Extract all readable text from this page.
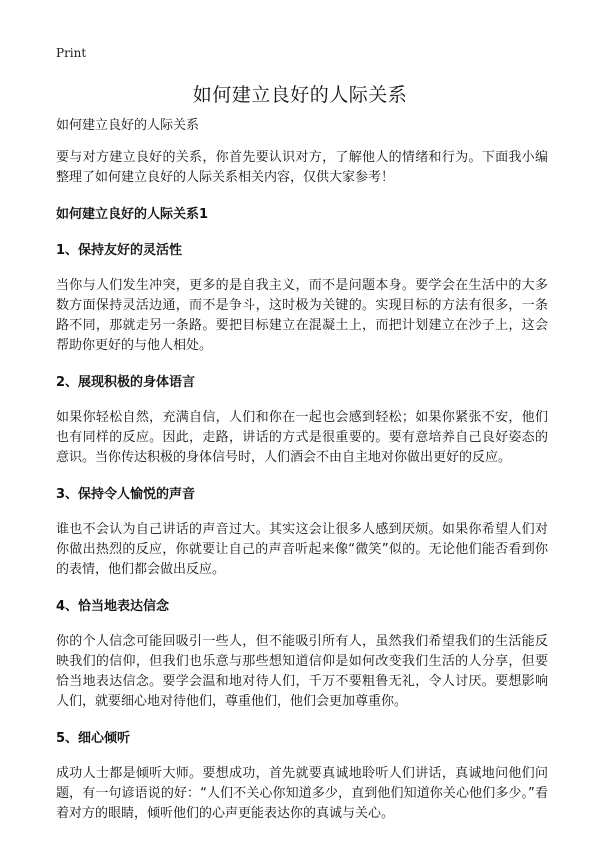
Print
如何建立良好的人际关系

如何建立良好的人际关系

要与对方建立良好的关系，你首先要认识对方，了解他人的情绪和行为。下面我小编整理了如何建立良好的人际关系相关内容，仅供大家参考！

如何建立良好的人际关系1

1、保持友好的灵活性

当你与人们发生冲突，更多的是自我主义，而不是问题本身。要学会在生活中的大多数方面保持灵活边通，而不是争斗，这时极为关键的。实现目标的方法有很多，一条路不同，那就走另一条路。要把目标建立在混凝土上，而把计划建立在沙子上，这会帮助你更好的与他人相处。

2、展现积极的身体语言

如果你轻松自然，充满自信，人们和你在一起也会感到轻松；如果你紧张不安，他们也有同样的反应。因此，走路，讲话的方式是很重要的。要有意培养自己良好姿态的意识。当你传达积极的身体信号时，人们酒会不由自主地对你做出更好的反应。

3、保持令人愉悦的声音

谁也不会认为自己讲话的声音过大。其实这会让很多人感到厌烦。如果你希望人们对你做出热烈的反应，你就要让自己的声音听起来像“微笑”似的。无论他们能否看到你的表情，他们都会做出反应。

4、恰当地表达信念

你的个人信念可能回吸引一些人，但不能吸引所有人，虽然我们希望我们的生活能反映我们的信仰，但我们也乐意与那些想知道信仰是如何改变我们生活的人分享，但要恰当地表达信念。要学会温和地对待人们，千万不要粗鲁无礼，令人讨厌。要想影响人们，就要细心地对待他们，尊重他们，他们会更加尊重你。

5、细心倾听

成功人士都是倾听大师。要想成功，首先就要真诚地聆听人们讲话，真诚地问他们问题，有一句谚语说的好：“人们不关心你知道多少，直到他们知道你关心他们多少。”看着对方的眼睛，倾听他们的心声更能表达你的真诚与关心。
